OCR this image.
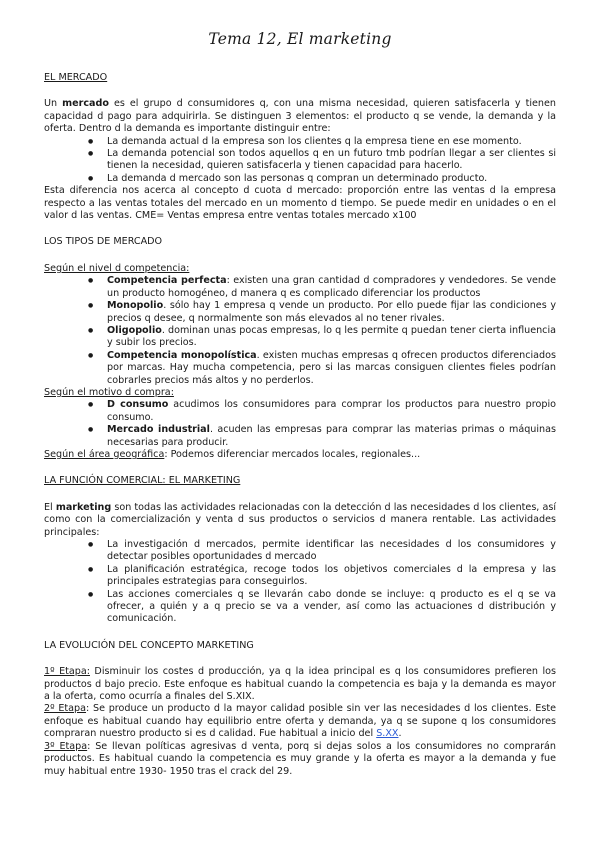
Tema 12, El marketing
EL MERCADO

Un mercado es el grupo d consumidores q, con una misma necesidad, quieren satisfacerla y tienen capacidad d pago para adquirirla. Se distinguen 3 elementos: el producto q se vende, la demanda y la oferta. Dentro d la demanda es importante distinguir entre:

● La demanda actual d la empresa son los clientes q la empresa tiene en ese momento.
● La demanda potencial son todos aquellos q en un futuro tmb podrían llegar a ser clientes si tienen la necesidad, quieren satisfacerla y tienen capacidad para hacerlo.
● La demanda d mercado son las personas q compran un determinado producto.

Esta diferencia nos acerca al concepto d cuota d mercado: proporción entre las ventas d la empresa respecto a las ventas totales del mercado en un momento d tiempo. Se puede medir en unidades o en el valor d las ventas. CME= Ventas empresa entre ventas totales mercado x100

LOS TIPOS DE MERCADO
Según el nivel d competencia:
● Competencia perfecta: existen una gran cantidad d compradores y vendedores. Se vende un producto homogéneo, d manera q es complicado diferenciar los productos
● Monopolio. sólo hay 1 empresa q vende un producto. Por ello puede fijar las condiciones y precios q desee, q normalmente son más elevados al no tener rivales.
● Oligopolio. dominan unas pocas empresas, lo q les permite q puedan tener cierta influencia y subir los precios.
● Competencia monopolística. existen muchas empresas q ofrecen productos diferenciados por marcas. Hay mucha competencia, pero si las marcas consiguen clientes fieles podrían cobrarles precios más altos y no perderlos.
Según el motivo d compra:
● D consumo acudimos los consumidores para comprar los productos para nuestro propio consumo.
● Mercado industrial. acuden las empresas para comprar las materias primas o máquinas necesarias para producir.
Según el área geográfica: Podemos diferenciar mercados locales, regionales...
LA FUNCIÓN COMERCIAL: EL MARKETING

El marketing son todas las actividades relacionadas con la detección d las necesidades d los clientes, así como con la comercialización y venta d sus productos o servicios d manera rentable. Las actividades principales:

● La investigación d mercados, permite identificar las necesidades d los consumidores y detectar posibles oportunidades d mercado
● La planificación estratégica, recoge todos los objetivos comerciales d la empresa y las principales estrategias para conseguirlos.
● Las acciones comerciales q se llevarán cabo donde se incluye: q producto es el q se va ofrecer, a quién y a q precio se va a vender, así como las actuaciones d distribución y comunicación.
LA EVOLUCIÓN DEL CONCEPTO MARKETING

1º Etapa: Disminuir los costes d producción, ya q la idea principal es q los consumidores prefieren los productos d bajo precio. Este enfoque es habitual cuando la competencia es baja y la demanda es mayor a la oferta, como ocurría a finales del S.XIX.

2º Etapa: Se produce un producto d la mayor calidad posible sin ver las necesidades d los clientes. Este enfoque es habitual cuando hay equilibrio entre oferta y demanda, ya q se supone q los consumidores compraran nuestro producto si es d calidad. Fue habitual a inicio del S.XX.

3º Etapa: Se llevan políticas agresivas d venta, porq si dejas solos a los consumidores no comprarán productos. Es habitual cuando la competencia es muy grande y la oferta es mayor a la demanda y fue muy habitual entre 1930- 1950 tras el crack del 29.
